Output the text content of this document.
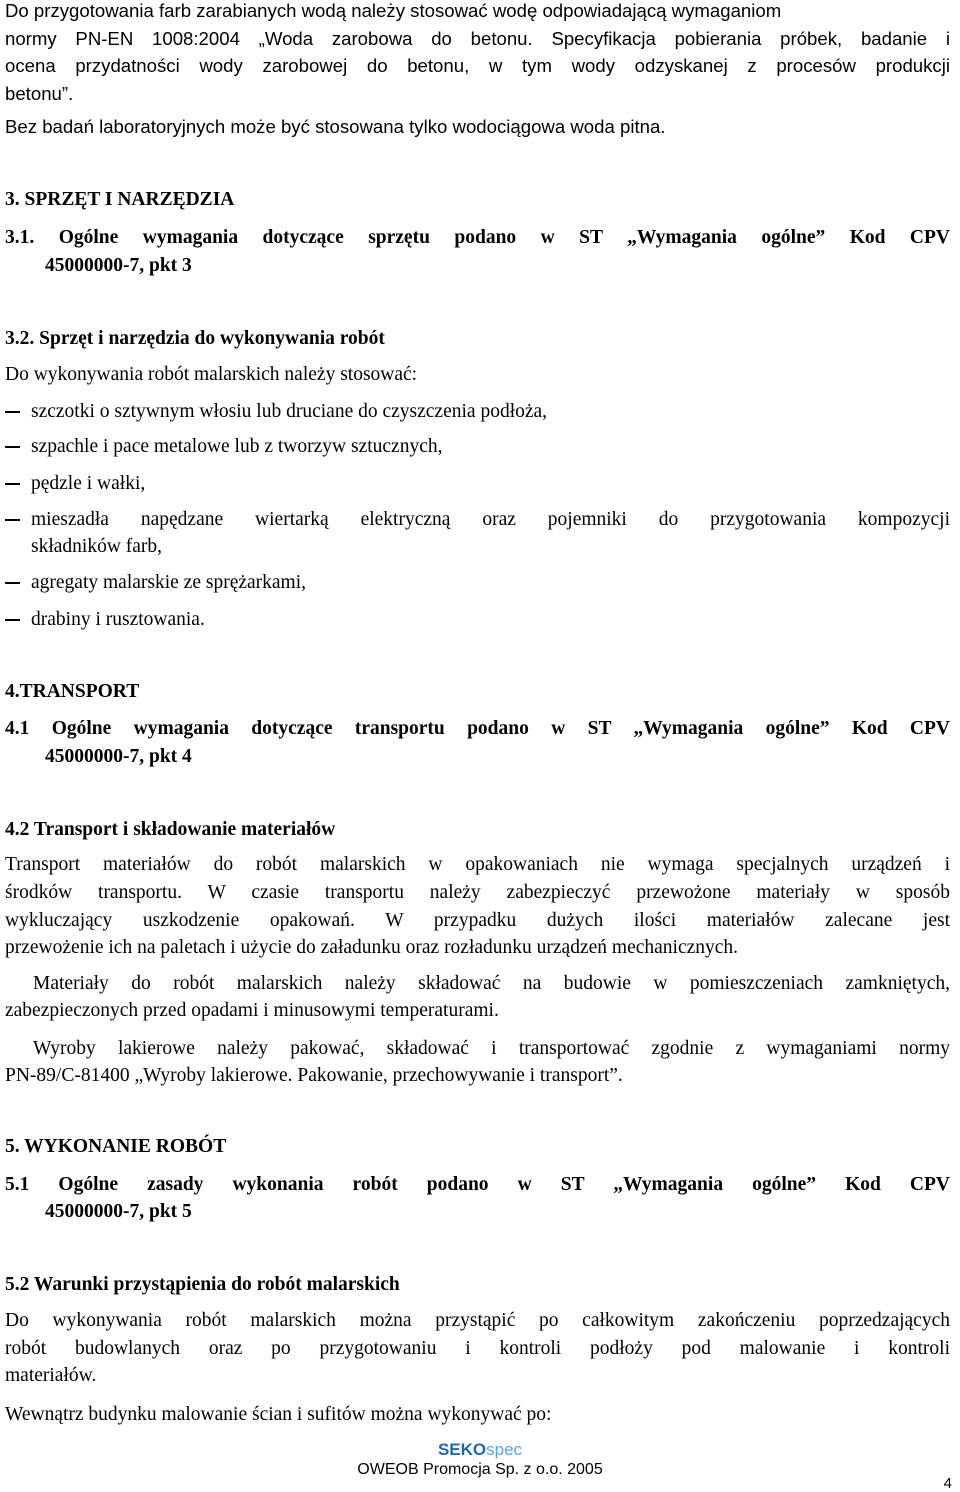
Do przygotowania farb zarabianych wodą należy stosować wodę odpowiadającą wymaganiom
normy PN-EN 1008:2004 „Woda zarobowa do betonu. Specyfikacja pobierania próbek, badanie i
ocena przydatności wody zarobowej do betonu, w tym wody odzyskanej z procesów produkcji
betonu”.
Bez badań laboratoryjnych może być stosowana tylko wodociągowa woda pitna.
3. SPRZĘT I NARZĘDZIA
3.1. Ogólne wymagania dotyczące sprzętu podano w ST „Wymagania ogólne” Kod CPV
45000000-7, pkt 3
3.2. Sprzęt i narzędzia do wykonywania robót
Do wykonywania robót malarskich należy stosować:
szczotki o sztywnym włosiu lub druciane do czyszczenia podłoża,
szpachle i pace metalowe lub z tworzyw sztucznych,
pędzle i wałki,
mieszadła napędzane wiertarką elektryczną oraz pojemniki do przygotowania kompozycji
składników farb,
agregaty malarskie ze sprężarkami,
drabiny i rusztowania.
4.TRANSPORT
4.1 Ogólne wymagania dotyczące transportu podano w ST „Wymagania ogólne” Kod CPV
45000000-7, pkt 4
4.2 Transport i składowanie materiałów
Transport materiałów do robót malarskich w opakowaniach nie wymaga specjalnych urządzeń i
środków transportu. W czasie transportu należy zabezpieczyć przewożone materiały w sposób
wykluczający uszkodzenie opakowań. W przypadku dużych ilości materiałów zalecane jest
przewożenie ich na paletach i użycie do załadunku oraz rozładunku urządzeń mechanicznych.
Materiały do robót malarskich należy składować na budowie w pomieszczeniach zamkniętych,
zabezpieczonych przed opadami i minusowymi temperaturami.
Wyroby lakierowe należy pakować, składować i transportować zgodnie z wymaganiami normy
PN-89/C-81400 „Wyroby lakierowe. Pakowanie, przechowywanie i transport”.
5. WYKONANIE ROBÓT
5.1 Ogólne zasady wykonania robót podano w ST „Wymagania ogólne” Kod CPV
45000000-7, pkt 5
5.2 Warunki przystąpienia do robót malarskich
Do wykonywania robót malarskich można przystąpić po całkowitym zakończeniu poprzedzających
robót budowlanych oraz po przygotowaniu i kontroli podłoży pod malowanie i kontroli
materiałów.
Wewnątrz budynku malowanie ścian i sufitów można wykonywać po:
SEKOspec
OWEOB Promocja Sp. z o.o. 2005
4
